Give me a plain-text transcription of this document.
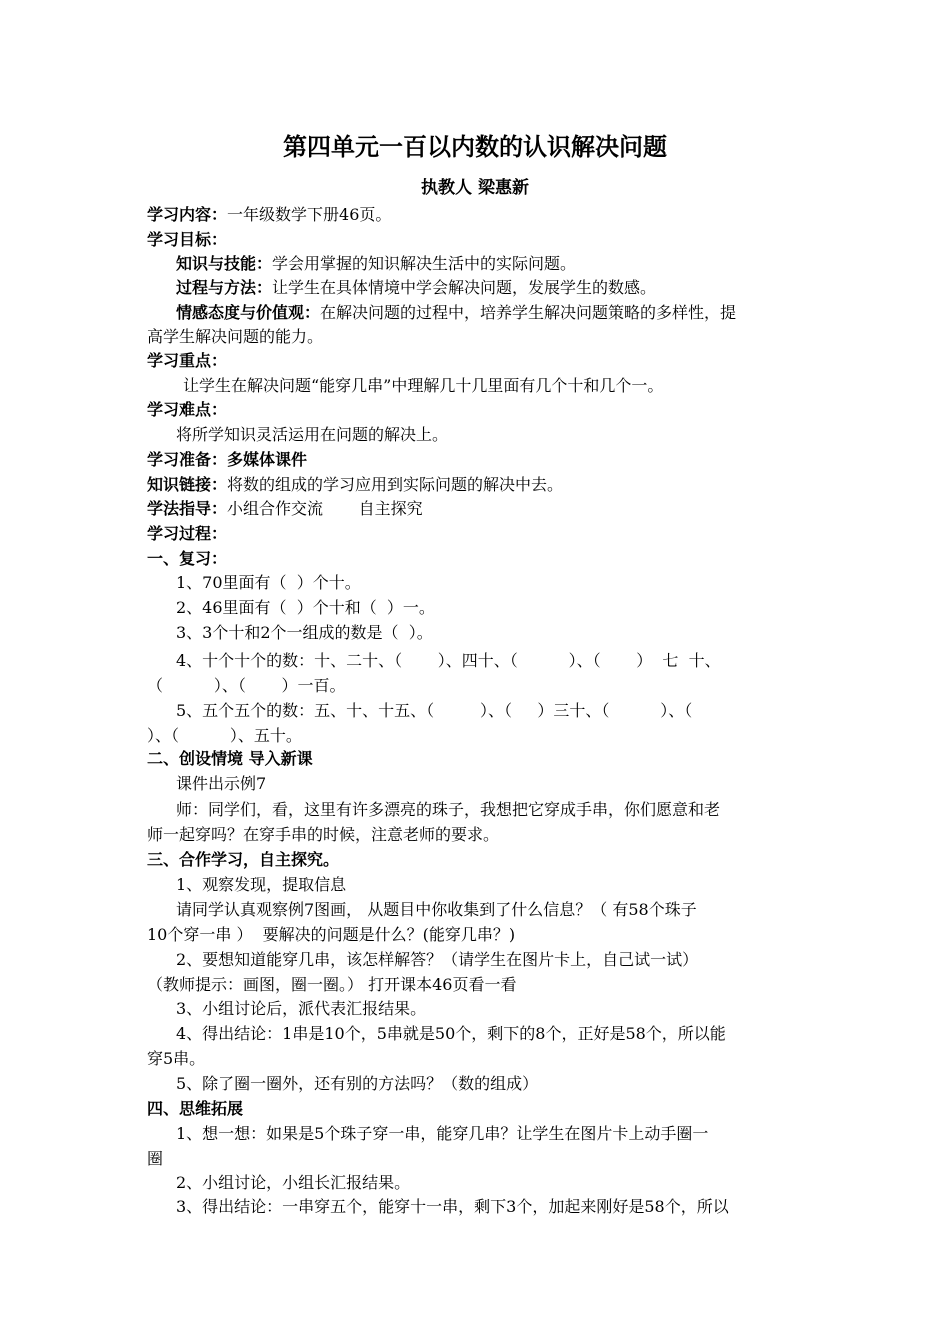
第四单元一百以内数的认识解决问题
执教人 梁惠新
学习内容：一年级数学下册46页。
学习目标：
知识与技能：学会用掌握的知识解决生活中的实际问题。
过程与方法：让学生在具体情境中学会解决问题，发展学生的数感。
情感态度与价值观：在解决问题的过程中，培养学生解决问题策略的多样性，提
高学生解决问题的能力。
学习重点：
让学生在解决问题“能穿几串”中理解几十几里面有几个十和几个一。
学习难点：
将所学知识灵活运用在问题的解决上。
学习准备：多媒体课件
知识链接：将数的组成的学习应用到实际问题的解决中去。
学法指导：小组合作交流       自主探究
学习过程：
一、复习：
1、70里面有（  ）个十。
2、46里面有（  ）个十和（  ）一。
3、3个十和2个一组成的数是（  ）。
4、十个十个的数：十、二十、（       ）、四十、（          ）、（       ）  七  十、
（          ）、（       ）一百。
5、五个五个的数：五、十、十五、（         ）、（     ）三十、（          ）、（
）、（          ）、五十。
二、创设情境 导入新课
课件出示例7
师：同学们，看，这里有许多漂亮的珠子，我想把它穿成手串，你们愿意和老
师一起穿吗？在穿手串的时候，注意老师的要求。
三、合作学习，自主探究。
1、观察发现，提取信息
请同学认真观察例7图画， 从题目中你收集到了什么信息？（ 有58个珠子
10个穿一串 ）  要解决的问题是什么？(能穿几串？)
2、要想知道能穿几串，该怎样解答？（请学生在图片卡上，自己试一试）
（教师提示：画图，圈一圈。） 打开课本46页看一看
3、小组讨论后，派代表汇报结果。
4、得出结论：1串是10个，5串就是50个，剩下的8个，正好是58个，所以能
穿5串。
5、除了圈一圈外，还有别的方法吗？（数的组成）
四、思维拓展
1、想一想：如果是5个珠子穿一串，能穿几串？让学生在图片卡上动手圈一
圈
2、小组讨论，小组长汇报结果。
3、得出结论：一串穿五个，能穿十一串，剩下3个，加起来刚好是58个，所以
